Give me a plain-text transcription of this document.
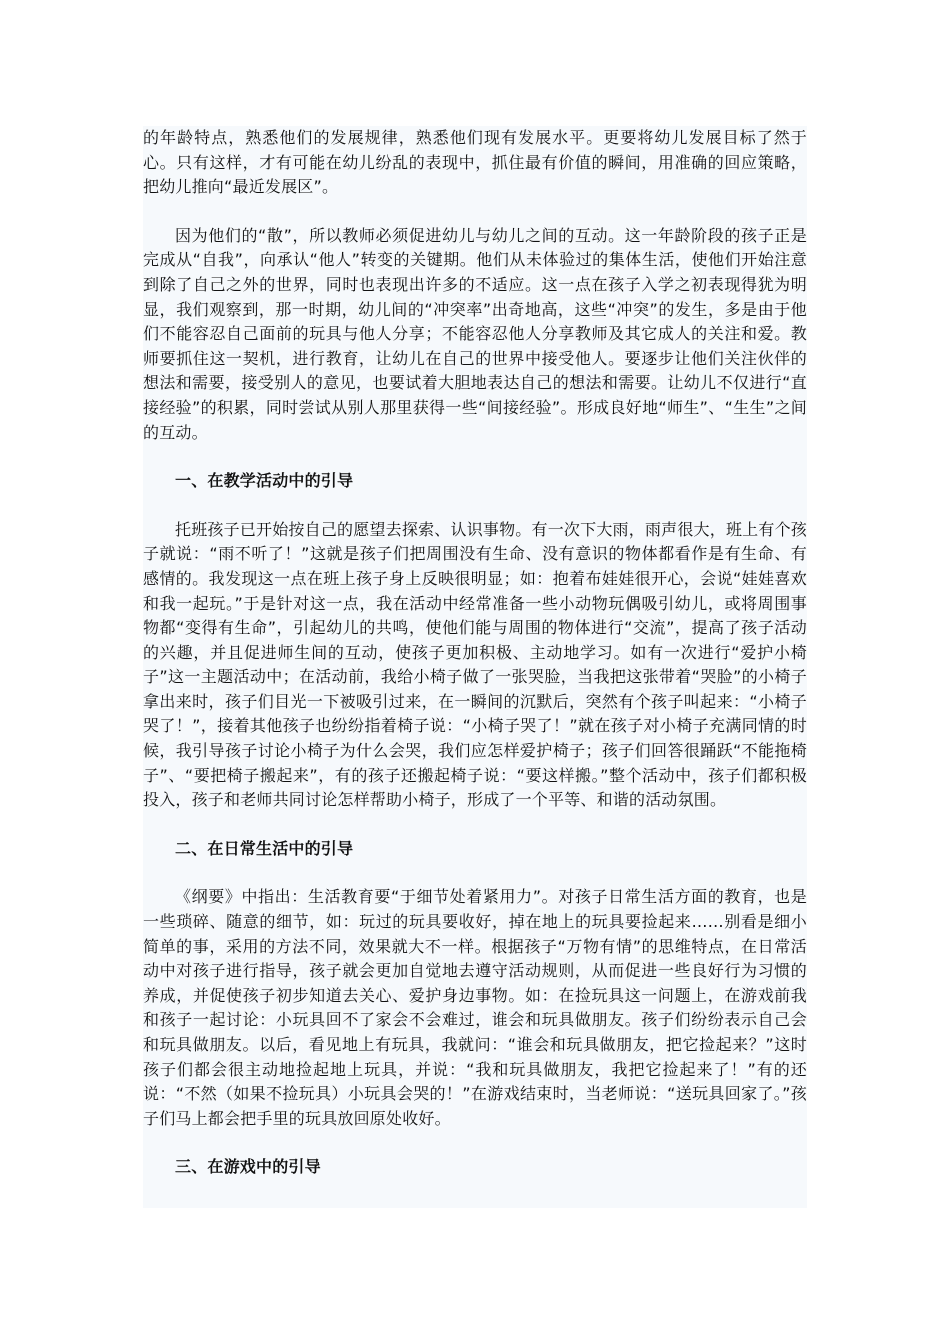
的年龄特点，熟悉他们的发展规律，熟悉他们现有发展水平。更要将幼儿发展目标了然于心。只有这样，才有可能在幼儿纷乱的表现中，抓住最有价值的瞬间，用准确的回应策略，把幼儿推向“最近发展区”。

因为他们的“散”，所以教师必须促进幼儿与幼儿之间的互动。这一年龄阶段的孩子正是完成从“自我”，向承认“他人”转变的关键期。他们从未体验过的集体生活，使他们开始注意到除了自己之外的世界，同时也表现出许多的不适应。这一点在孩子入学之初表现得犹为明显，我们观察到，那一时期，幼儿间的“冲突率”出奇地高，这些“冲突”的发生，多是由于他们不能容忍自己面前的玩具与他人分享；不能容忍他人分享教师及其它成人的关注和爱。教师要抓住这一契机，进行教育，让幼儿在自己的世界中接受他人。要逐步让他们关注伙伴的想法和需要，接受别人的意见，也要试着大胆地表达自己的想法和需要。让幼儿不仅进行“直接经验”的积累，同时尝试从别人那里获得一些“间接经验”。形成良好地“师生”、“生生”之间的互动。

一、在教学活动中的引导

托班孩子已开始按自己的愿望去探索、认识事物。有一次下大雨，雨声很大，班上有个孩子就说：“雨不听了！”这就是孩子们把周围没有生命、没有意识的物体都看作是有生命、有感情的。我发现这一点在班上孩子身上反映很明显；如：抱着布娃娃很开心，会说“娃娃喜欢和我一起玩。”于是针对这一点，我在活动中经常准备一些小动物玩偶吸引幼儿，或将周围事物都“变得有生命”，引起幼儿的共鸣，使他们能与周围的物体进行“交流”，提高了孩子活动的兴趣，并且促进师生间的互动，使孩子更加积极、主动地学习。如有一次进行“爱护小椅子”这一主题活动中；在活动前，我给小椅子做了一张哭脸，当我把这张带着“哭脸”的小椅子拿出来时，孩子们目光一下被吸引过来，在一瞬间的沉默后，突然有个孩子叫起来：“小椅子哭了！”，接着其他孩子也纷纷指着椅子说：“小椅子哭了！”就在孩子对小椅子充满同情的时候，我引导孩子讨论小椅子为什么会哭，我们应怎样爱护椅子；孩子们回答很踊跃“不能拖椅子”、“要把椅子搬起来”，有的孩子还搬起椅子说：“要这样搬。”整个活动中，孩子们都积极投入，孩子和老师共同讨论怎样帮助小椅子，形成了一个平等、和谐的活动氛围。

二、在日常生活中的引导

《纲要》中指出：生活教育要“于细节处着紧用力”。对孩子日常生活方面的教育，也是一些琐碎、随意的细节，如：玩过的玩具要收好，掉在地上的玩具要捡起来……别看是细小简单的事，采用的方法不同，效果就大不一样。根据孩子“万物有情”的思维特点，在日常活动中对孩子进行指导，孩子就会更加自觉地去遵守活动规则，从而促进一些良好行为习惯的养成，并促使孩子初步知道去关心、爱护身边事物。如：在捡玩具这一问题上，在游戏前我和孩子一起讨论：小玩具回不了家会不会难过，谁会和玩具做朋友。孩子们纷纷表示自己会和玩具做朋友。以后，看见地上有玩具，我就问：“谁会和玩具做朋友，把它捡起来？”这时孩子们都会很主动地捡起地上玩具，并说：“我和玩具做朋友，我把它捡起来了！”有的还说：“不然（如果不捡玩具）小玩具会哭的！”在游戏结束时，当老师说：“送玩具回家了。”孩子们马上都会把手里的玩具放回原处收好。

三、在游戏中的引导
